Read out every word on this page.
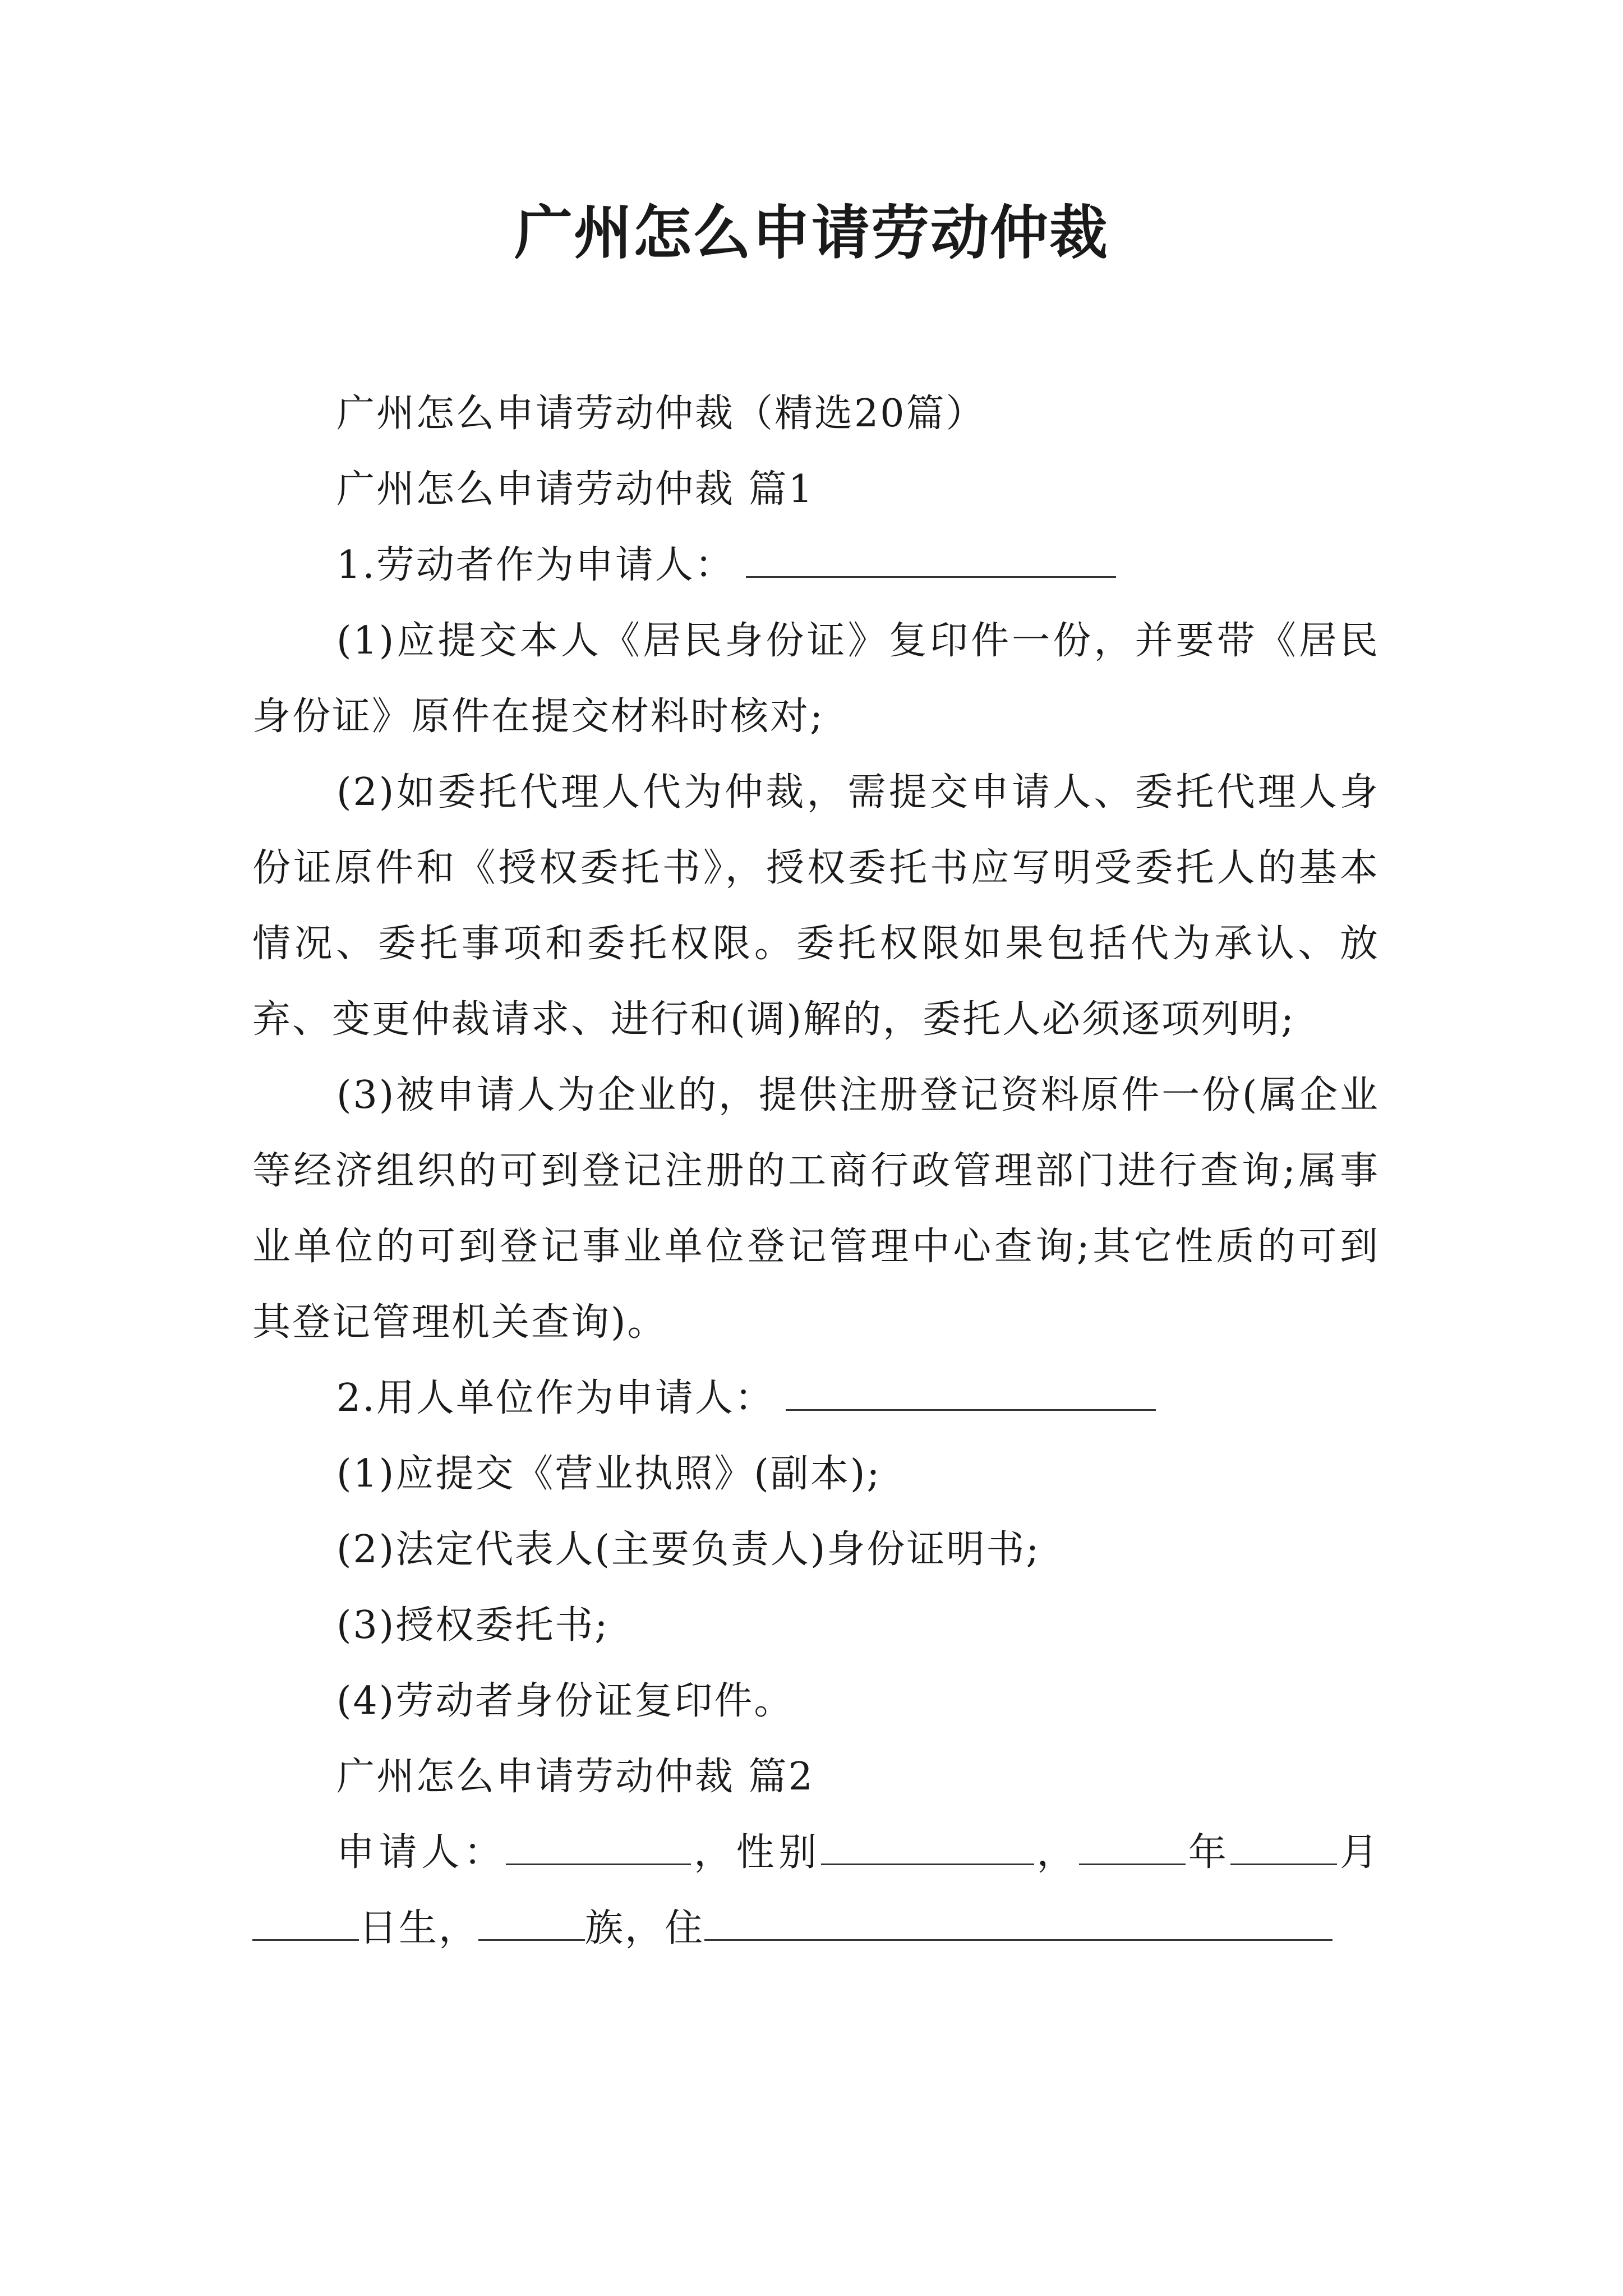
广州怎么申请劳动仲裁

广州怎么申请劳动仲裁（精选20篇）

广州怎么申请劳动仲裁 篇1

1.劳动者作为申请人：

(1)应提交本人《居民身份证》复印件一份，并要带《居民身份证》原件在提交材料时核对;

(2)如委托代理人代为仲裁，需提交申请人、委托代理人身份证原件和《授权委托书》，授权委托书应写明受委托人的基本情况、委托事项和委托权限。委托权限如果包括代为承认、放弃、变更仲裁请求、进行和(调)解的，委托人必须逐项列明;

(3)被申请人为企业的，提供注册登记资料原件一份(属企业等经济组织的可到登记注册的工商行政管理部门进行查询;属事业单位的可到登记事业单位登记管理中心查询;其它性质的可到其登记管理机关查询)。

2.用人单位作为申请人：

(1)应提交《营业执照》(副本);

(2)法定代表人(主要负责人)身份证明书;

(3)授权委托书;

(4)劳动者身份证复印件。

广州怎么申请劳动仲裁 篇2

申请人：	，性别	，	年	月日生，	族，住
